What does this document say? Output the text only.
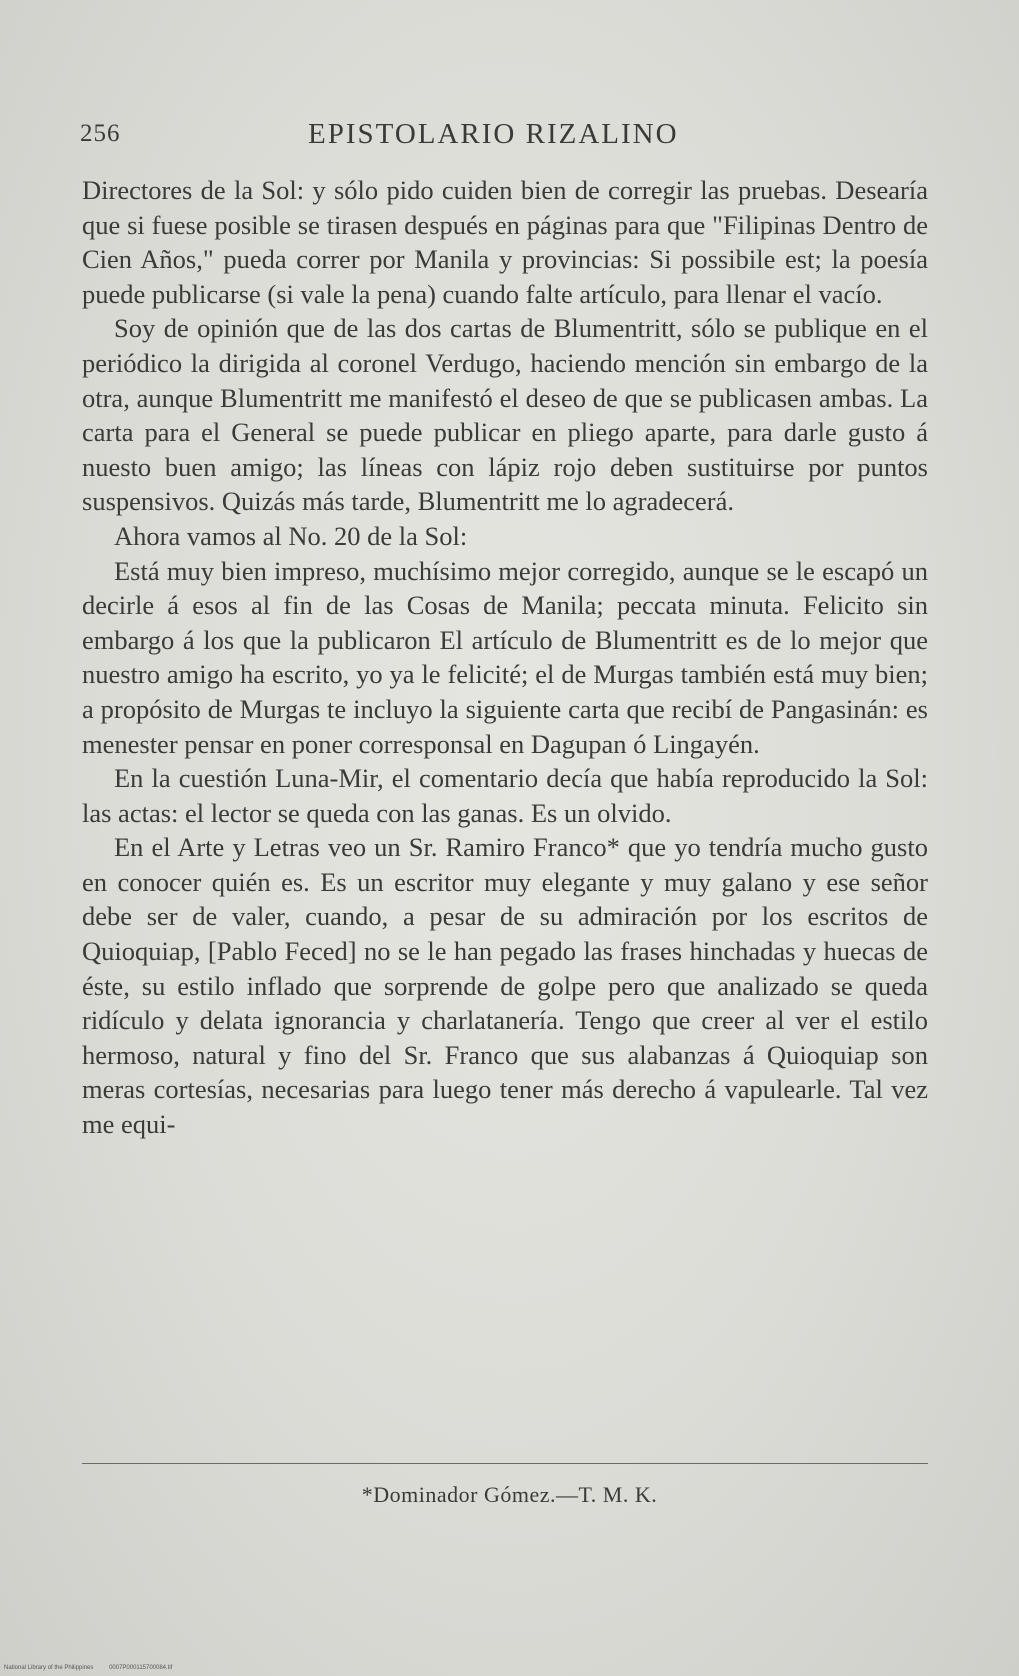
256	EPISTOLARIO RIZALINO

Directores de la Sol: y sólo pido cuiden bien de corregir las pruebas. Desearía que si fuese posible se tirasen después en páginas para que "Filipinas Dentro de Cien Años," pueda correr por Manila y provincias: Si possibile est; la poesía puede publicarse (si vale la pena) cuando falte artículo, para llenar el vacío.

Soy de opinión que de las dos cartas de Blumentritt, sólo se publique en el periódico la dirigida al coronel Verdugo, haciendo mención sin embargo de la otra, aunque Blumentritt me manifestó el deseo de que se publicasen ambas. La carta para el General se puede publicar en pliego aparte, para darle gusto á nuesto buen amigo; las líneas con lápiz rojo deben sustituirse por puntos suspensivos. Quizás más tarde, Blumentritt me lo agradecerá.

Ahora vamos al No. 20 de la Sol:

Está muy bien impreso, muchísimo mejor corregido, aunque se le escapó un decirle á esos al fin de las Cosas de Manila; peccata minuta. Felicito sin embargo á los que la publicaron El artículo de Blumentritt es de lo mejor que nuestro amigo ha escrito, yo ya le felicité; el de Murgas también está muy bien; a propósito de Murgas te incluyo la siguiente carta que recibí de Pangasinán: es menester pensar en poner corresponsal en Dagupan ó Lingayén.

En la cuestión Luna-Mir, el comentario decía que había reproducido la Sol: las actas: el lector se queda con las ganas. Es un olvido.

En el Arte y Letras veo un Sr. Ramiro Franco* que yo tendría mucho gusto en conocer quién es. Es un escritor muy elegante y muy galano y ese señor debe ser de valer, cuando, a pesar de su admiración por los escritos de Quioquiap, [Pablo Feced] no se le han pegado las frases hinchadas y huecas de éste, su estilo inflado que sorprende de golpe pero que analizado se queda ridículo y delata ignorancia y charlatanería. Tengo que creer al ver el estilo hermoso, natural y fino del Sr. Franco que sus alabanzas á Quioquiap son meras cortesías, necesarias para luego tener más derecho á vapulearle. Tal vez me equi-

*Dominador Gómez.—T. M. K.
National Library of the Philippines	0007P000115700084.tif
